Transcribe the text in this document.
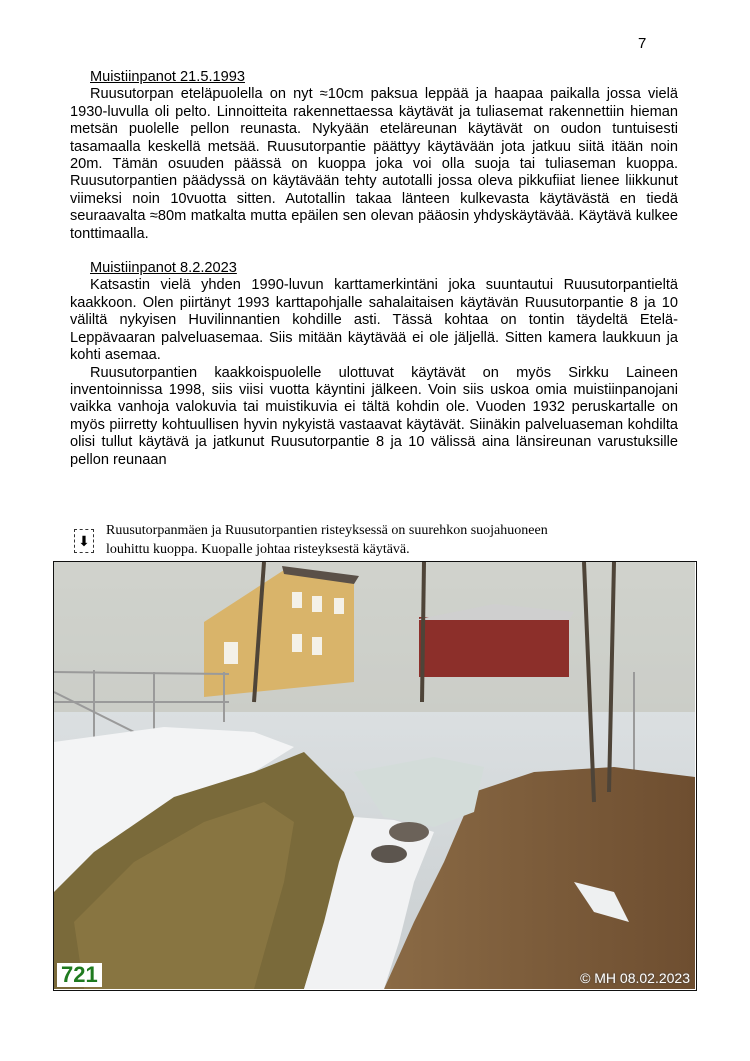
7
Muistiinpanot 21.5.1993

Ruusutorpan eteläpuolella on nyt ≈10cm paksua leppää ja haapaa paikalla jossa vielä 1930-luvulla oli pelto. Linnoitteita rakennettaessa käytävät ja tuliasemat rakennettiin hieman metsän puolelle pellon reunasta. Nykyään eteläreunan käytävät on oudon tuntuisesti tasamaalla keskellä metsää. Ruusutorpantie päättyy käytävään jota jatkuu siitä itään noin 20m. Tämän osuuden päässä on kuoppa joka voi olla suoja tai tuliaseman kuoppa. Ruusutorpantien päädyssä on käytävään tehty autotalli jossa oleva pikkufiiat lienee liikkunut viimeksi noin 10vuotta sitten. Autotallin takaa länteen kulkevasta käytävästä en tiedä seuraavalta ≈80m matkalta mutta epäilen sen olevan pääosin yhdyskäytävää. Käytävä kulkee tonttimaalla.

Muistiinpanot 8.2.2023

Katsastin vielä yhden 1990-luvun karttamerkintäni joka suuntautui Ruusutorpantieltä kaakkoon. Olen piirtänyt 1993 karttapohjalle sahalaitaisen käytävän Ruusutorpantie 8 ja 10 väliltä nykyisen Huvilinnantien kohdille asti. Tässä kohtaa on tontin täydeltä Etelä-Leppävaaran palveluasemaa. Siis mitään käytävää ei ole jäljellä. Sitten kamera laukkuun ja kohti asemaa.

Ruusutorpantien kaakkoispuolelle ulottuvat käytävät on myös Sirkku Laineen inventoinnissa 1998, siis viisi vuotta käyntini jälkeen. Voin siis uskoa omia muistiinpanojani vaikka vanhoja valokuvia tai muistikuvia ei tältä kohdin ole. Vuoden 1932 peruskartalle on myös piirretty kohtuullisen hyvin nykyistä vastaavat käytävät. Siinäkin palveluaseman kohdilta olisi tullut käytävä ja jatkunut Ruusutorpantie 8 ja 10 välissä aina länsireunan varustuksille pellon reunaan

⬇
Ruusutorpanmäen ja Ruusutorpantien risteyksessä on suurehkon suojahuoneen
louhittu kuoppa. Kuopalle johtaa risteyksestä käytävä.
721	© MH 08.02.2023
